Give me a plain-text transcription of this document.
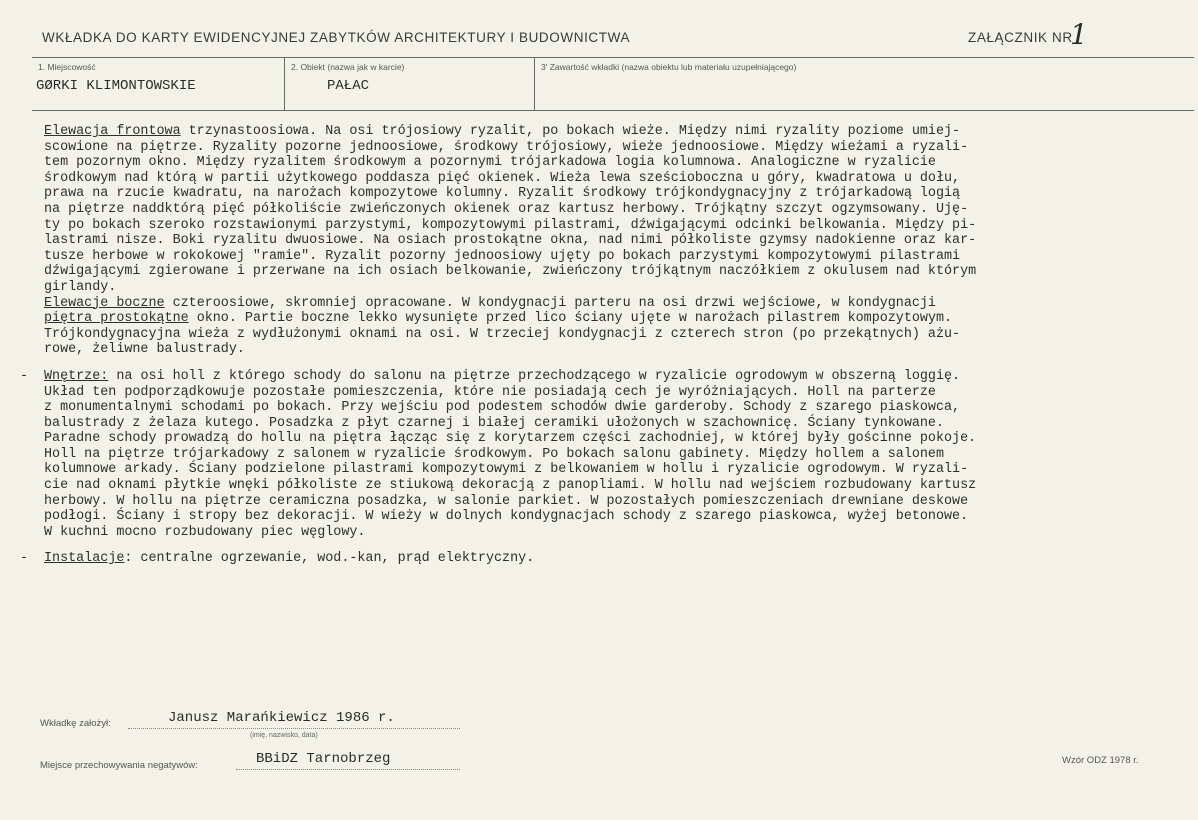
WKŁADKA DO KARTY EWIDENCYJNEJ ZABYTKÓW ARCHITEKTURY I BUDOWNICTWA	ZAŁĄCZNIK NR
1
1. Miejscowość
GØRKI KLIMONTOWSKIE
2. Obiekt (nazwa jak w karcie)
PAŁAC
3' Zawartość wkładki (nazwa obiektu lub materiału uzupełniającego)
Elewacja frontowa trzynastoosiowa. Na osi trójosiowy ryzalit, po bokach wieże. Między nimi ryzality poziome umiej-
scowione na piętrze. Ryzality pozorne jednoosiowe, środkowy trójosiowy, wieże jednoosiowe. Między wieżami a ryzali-
tem pozornym okno. Między ryzalitem środkowym a pozornymi trójarkadowa logia kolumnowa. Analogiczne w ryzalicie
środkowym nad którą w partii użytkowego poddasza pięć okienek. Wieża lewa sześcioboczna u góry, kwadratowa u dołu,
prawa na rzucie kwadratu, na narożach kompozytowe kolumny. Ryzalit środkowy trójkondygnacyjny z trójarkadową logią
na piętrze naddktórą pięć półkoliście zwieńczonych okienek oraz kartusz herbowy. Trójkątny szczyt ogzymsowany. Uję-
ty po bokach szeroko rozstawionymi parzystymi, kompozytowymi pilastrami, dźwigającymi odcinki belkowania. Między pi-
lastrami nisze. Boki ryzalitu dwuosiowe. Na osiach prostokątne okna, nad nimi półkoliste gzymsy nadokienne oraz kar-
tusze herbowe w rokokowej "ramie". Ryzalit pozorny jednoosiowy ujęty po bokach parzystymi kompozytowymi pilastrami
dźwigającymi zgierowane i przerwane na ich osiach belkowanie, zwieńczony trójkątnym naczółkiem z okulusem nad którym
girlandy.
Elewacje boczne czteroosiowe, skromniej opracowane. W kondygnacji parteru na osi drzwi wejściowe, w kondygnacji
piętra prostokątne okno. Partie boczne lekko wysunięte przed lico ściany ujęte w narożach pilastrem kompozytowym.
Trójkondygnacyjna wieża z wydłużonymi oknami na osi. W trzeciej kondygnacji z czterech stron (po przekątnych) ażu-
rowe, żeliwne balustrady.
- Wnętrze: na osi holl z którego schody do salonu na piętrze przechodzącego w ryzalicie ogrodowym w obszerną loggię.
Układ ten podporządkowuje pozostałe pomieszczenia, które nie posiadają cech je wyróżniających. Holl na parterze
z monumentalnymi schodami po bokach. Przy wejściu pod podestem schodów dwie garderoby. Schody z szarego piaskowca,
balustrady z żelaza kutego. Posadzka z płyt czarnej i białej ceramiki ułożonych w szachownicę. Ściany tynkowane.
Paradne schody prowadzą do hollu na piętra łącząc się z korytarzem części zachodniej, w której były gościnne pokoje.
Holl na piętrze trójarkadowy z salonem w ryzalicie środkowym. Po bokach salonu gabinety. Między hollem a salonem
kolumnowe arkady. Ściany podzielone pilastrami kompozytowymi z belkowaniem w hollu i ryzalicie ogrodowym. W ryzali-
cie nad oknami płytkie wnęki półkoliste ze stiukową dekoracją z panopliami. W hollu nad wejściem rozbudowany kartusz
herbowy. W hollu na piętrze ceramiczna posadzka, w salonie parkiet. W pozostałych pomieszczeniach drewniane deskowe
podłogi. Ściany i stropy bez dekoracji. W wieży w dolnych kondygnacjach schody z szarego piaskowca, wyżej betonowe.
W kuchni mocno rozbudowany piec węglowy.
- Instalacje: centralne ogrzewanie, wod.-kan, prąd elektryczny.
Wkładkę założył:	Janusz Marańkiewicz 1986 r.
(imię, nazwisko, data)
Miejsce przechowywania negatywów:	BBiDZ Tarnobrzeg	Wzór ODZ 1978 r.
